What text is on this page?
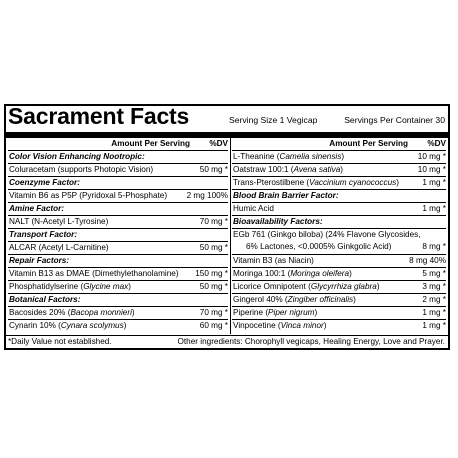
Sacrament Facts	Serving Size 1 Vegicap	Servings Per Container 30
Amount Per Serving %DV
Color Vision Enhancing Nootropic:
Coluracetam (supports Photopic Vision)	50 mg *
Coenzyme Factor:
Vitamin B6 as P5P (Pyridoxal 5-Phosphate) 2 mg 100%
Amine Factor:
NALT (N-Acetyl L-Tyrosine)	70 mg *
Transport Factor:
ALCAR (Acetyl L-Carnitine)	50 mg *
Repair Factors:
Vitamin B13 as DMAE (Dimethylethanolamine) 150 mg *
Phosphatidylserine (Glycine max)	50 mg *
Botanical Factors:
Bacosides 20% (Bacopa monnieri)	70 mg *
Cynarin 10% (Cynara scolymus)	60 mg *
Amount Per Serving %DV
L-Theanine (Camelia sinensis)	10 mg *
Oatstraw 100:1 (Avena sativa)	10 mg *
Trans-Pterostilbene (Vaccinium cyanococcus)	1 mg *
Blood Brain Barrier Factor:
Humic Acid	1 mg *
Bioavailability Factors:
EGb 761 (Ginkgo biloba) (24% Flavone Glycosides,
6% Lactones, <0.0005% Ginkgolic Acid)	8 mg *
Vitamin B3 (as Niacin)	8 mg 40%
Moringa 100:1 (Moringa oleifera)	5 mg *
Licorice Omnipotent (Glycyrrhiza glabra)	3 mg *
Gingerol 40% (Zingiber officinalis)	2 mg *
Piperine (Piper nigrum)	1 mg *
Vinpocetine (Vinca minor)	1 mg *
*Daily Value not established.	Other ingredients: Chorophyll vegicaps, Healing Energy, Love and Prayer.
